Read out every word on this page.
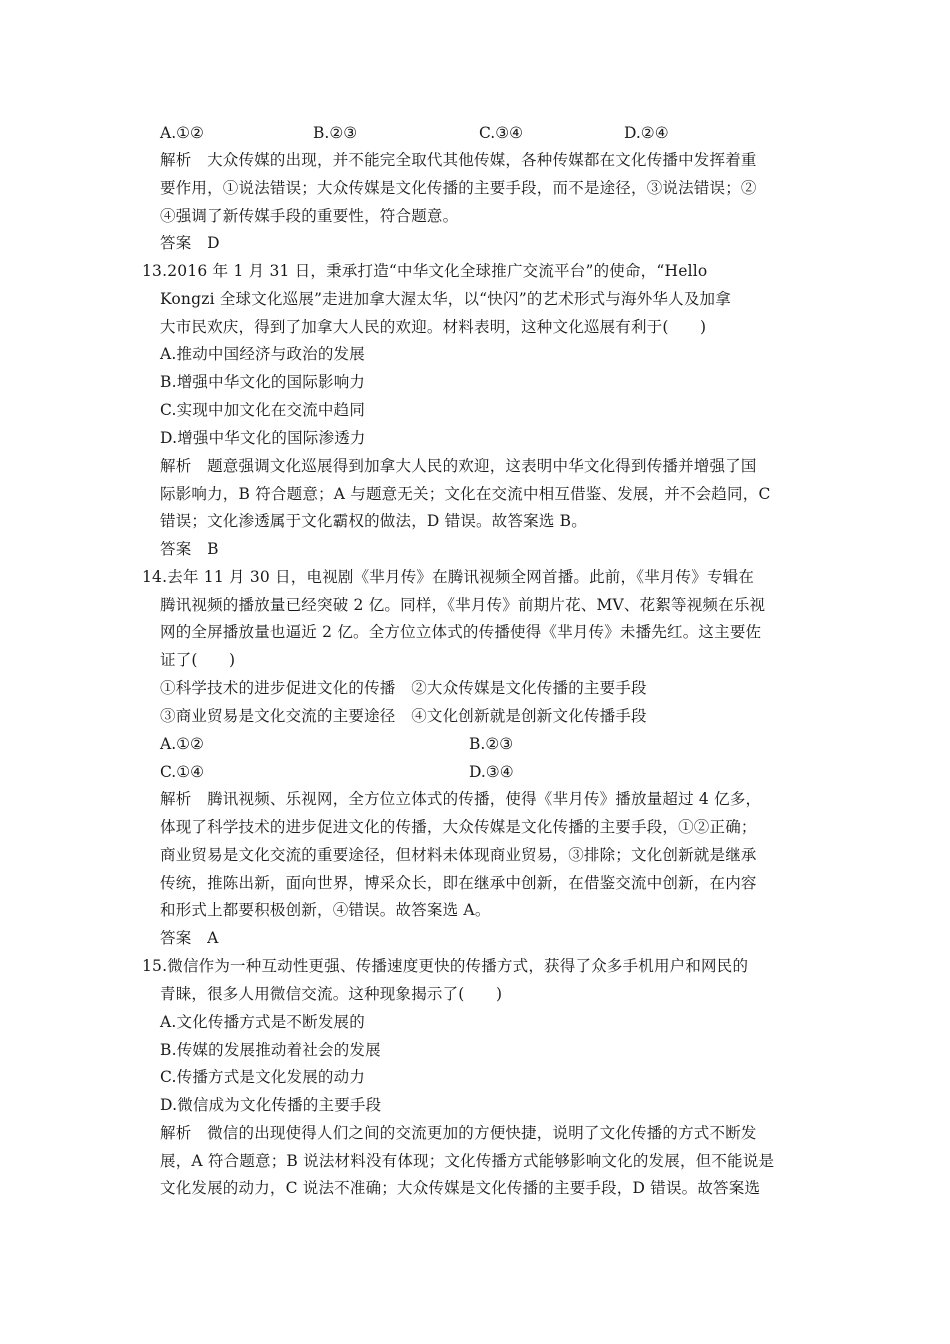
A.①②	B.②③	C.③④	D.②④
解析　大众传媒的出现，并不能完全取代其他传媒，各种传媒都在文化传播中发挥着重
要作用，①说法错误；大众传媒是文化传播的主要手段，而不是途径，③说法错误；②
④强调了新传媒手段的重要性，符合题意。
答案　D
13.2016 年 1 月 31 日，秉承打造“中华文化全球推广交流平台”的使命，“Hello
Kongzi 全球文化巡展”走进加拿大渥太华，以“快闪”的艺术形式与海外华人及加拿
大市民欢庆，得到了加拿大人民的欢迎。材料表明，这种文化巡展有利于(　　)
A.推动中国经济与政治的发展
B.增强中华文化的国际影响力
C.实现中加文化在交流中趋同
D.增强中华文化的国际渗透力
解析　题意强调文化巡展得到加拿大人民的欢迎，这表明中华文化得到传播并增强了国
际影响力，B 符合题意；A 与题意无关；文化在交流中相互借鉴、发展，并不会趋同，C
错误；文化渗透属于文化霸权的做法，D 错误。故答案选 B。
答案　B
14.去年 11 月 30 日，电视剧《芈月传》在腾讯视频全网首播。此前，《芈月传》专辑在
腾讯视频的播放量已经突破 2 亿。同样，《芈月传》前期片花、MV、花絮等视频在乐视
网的全屏播放量也逼近 2 亿。全方位立体式的传播使得《芈月传》未播先红。这主要佐
证了(　　)
①科学技术的进步促进文化的传播　②大众传媒是文化传播的主要手段
③商业贸易是文化交流的主要途径　④文化创新就是创新文化传播手段
A.①②	B.②③
C.①④	D.③④
解析　腾讯视频、乐视网，全方位立体式的传播，使得《芈月传》播放量超过 4 亿多，
体现了科学技术的进步促进文化的传播，大众传媒是文化传播的主要手段，①②正确；
商业贸易是文化交流的重要途径，但材料未体现商业贸易，③排除；文化创新就是继承
传统，推陈出新，面向世界，博采众长，即在继承中创新，在借鉴交流中创新，在内容
和形式上都要积极创新，④错误。故答案选 A。
答案　A
15.微信作为一种互动性更强、传播速度更快的传播方式，获得了众多手机用户和网民的
青睐，很多人用微信交流。这种现象揭示了(　　)
A.文化传播方式是不断发展的
B.传媒的发展推动着社会的发展
C.传播方式是文化发展的动力
D.微信成为文化传播的主要手段
解析　微信的出现使得人们之间的交流更加的方便快捷，说明了文化传播的方式不断发
展，A 符合题意；B 说法材料没有体现；文化传播方式能够影响文化的发展，但不能说是
文化发展的动力，C 说法不准确；大众传媒是文化传播的主要手段，D 错误。故答案选
